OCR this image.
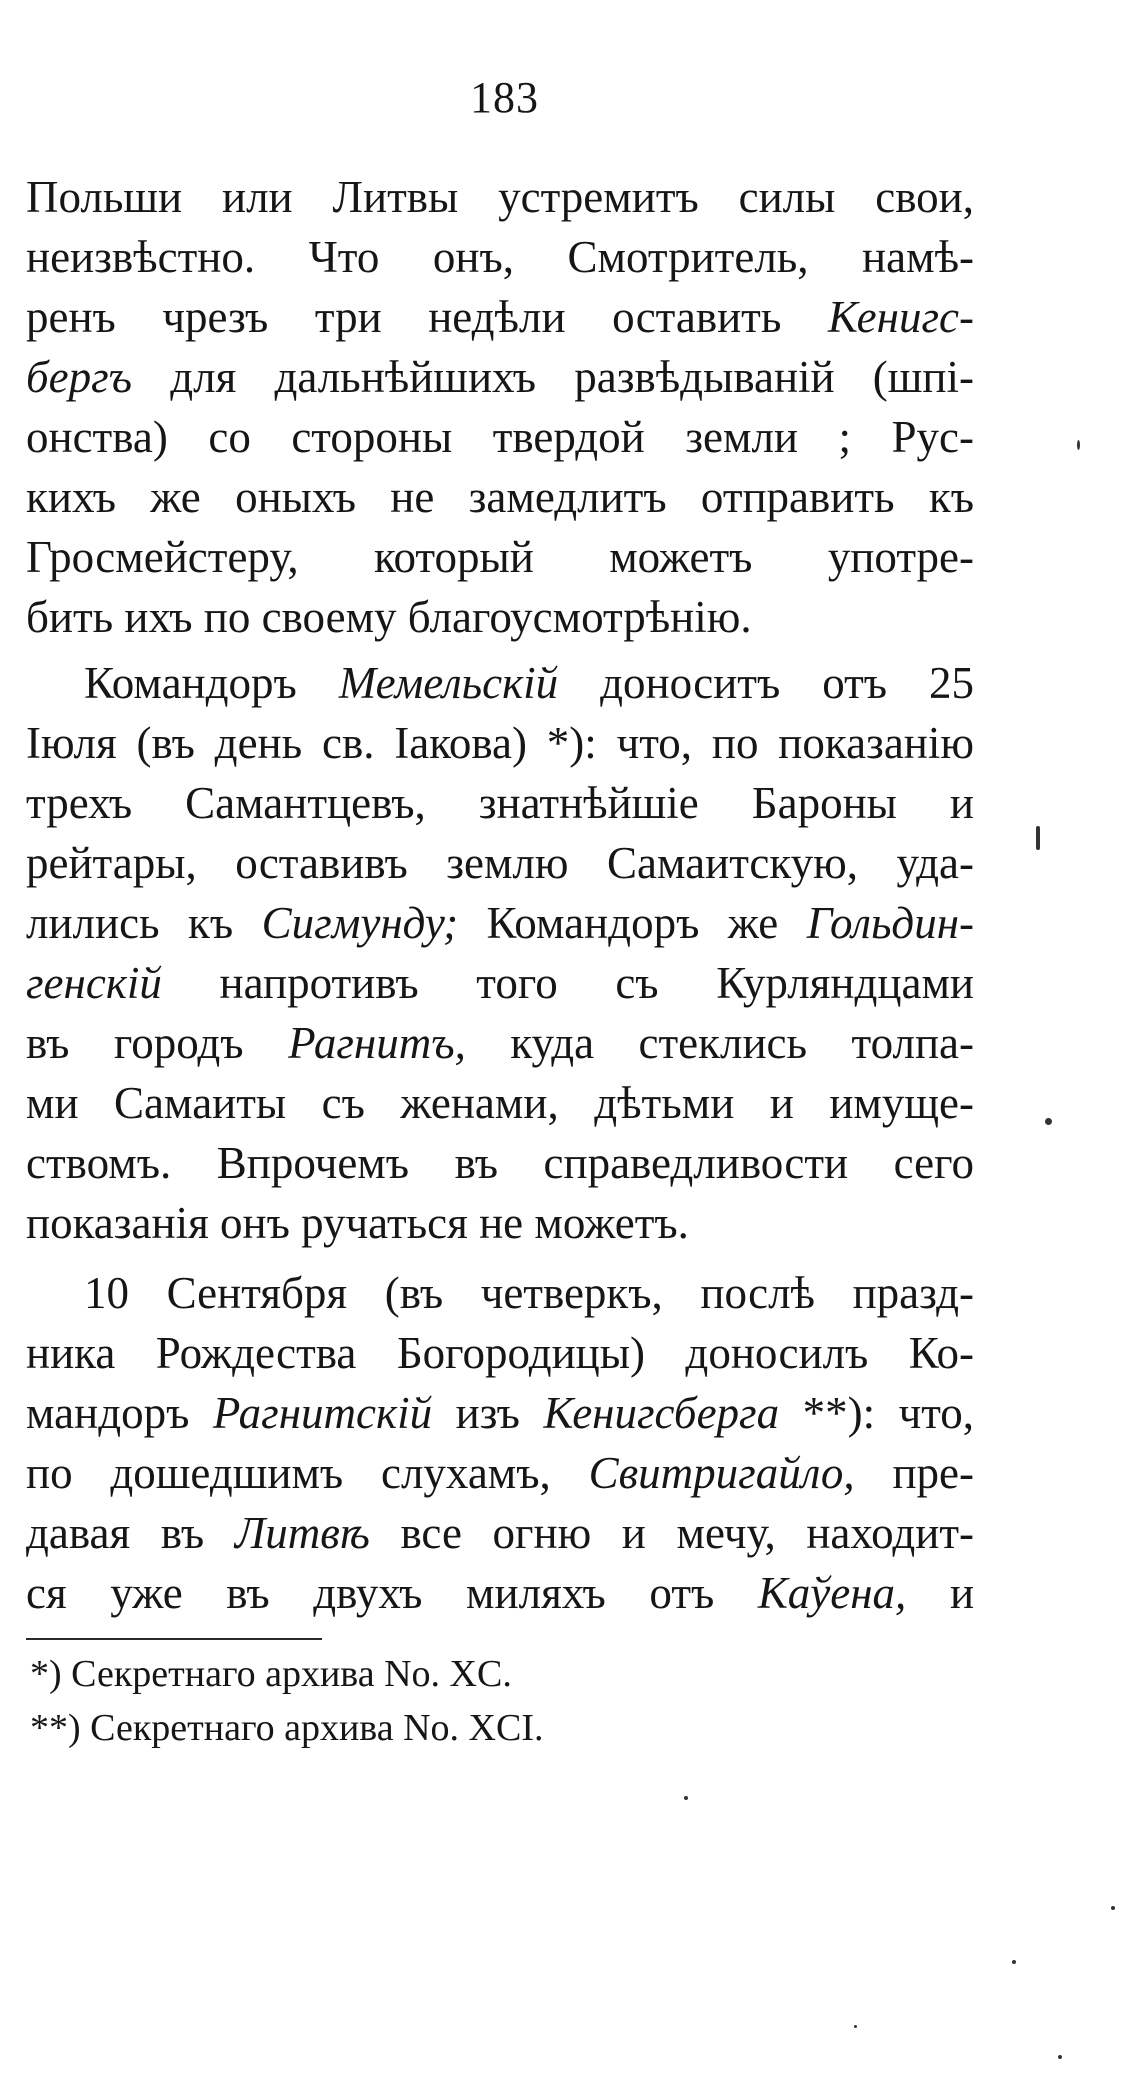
183
Польши или Литвы устремитъ силы свои,
неизвѣстно. Что онъ, Смотритель, намѣ-
ренъ чрезъ три недѣли оставить Кенигс-
бергъ для дальнѣйшихъ развѣдыванiй (шпi-
онства) со стороны твердой земли ; Рус-
кихъ же оныхъ не замедлитъ отправить къ
Гросмейстеру, который можетъ употре-
бить ихъ по своему благоусмотрѣнiю.
Командоръ Мемельскiй доноситъ отъ 25
Iюля (въ день св. Iакова) *): что, по показанiю
трехъ Самантцевъ, знатнѣйшiе Бароны и
рейтары, оставивъ землю Самаитскую, уда-
лились къ Сигмунду; Командоръ же Гольдин-
генскiй напротивъ того съ Курляндцами
въ городъ Рагнитъ, куда стеклись толпа-
ми Самаиты съ женами, дѣтьми и имуще-
ствомъ. Впрочемъ въ справедливости сего
показанiя онъ ручаться не можетъ.
10 Сентября (въ четверкъ, послѣ празд-
ника Рождества Богородицы) доносилъ Ко-
мандоръ Рагнитскiй изъ Кенигсберга **): что,
по дошедшимъ слухамъ, Свитригайло, пре-
давая въ Литвѣ все огню и мечу, находит-
ся уже въ двухъ миляхъ отъ Каўена, и
*) Секретнаго архива No. XC.
**) Секретнаго архива No. XCI.
